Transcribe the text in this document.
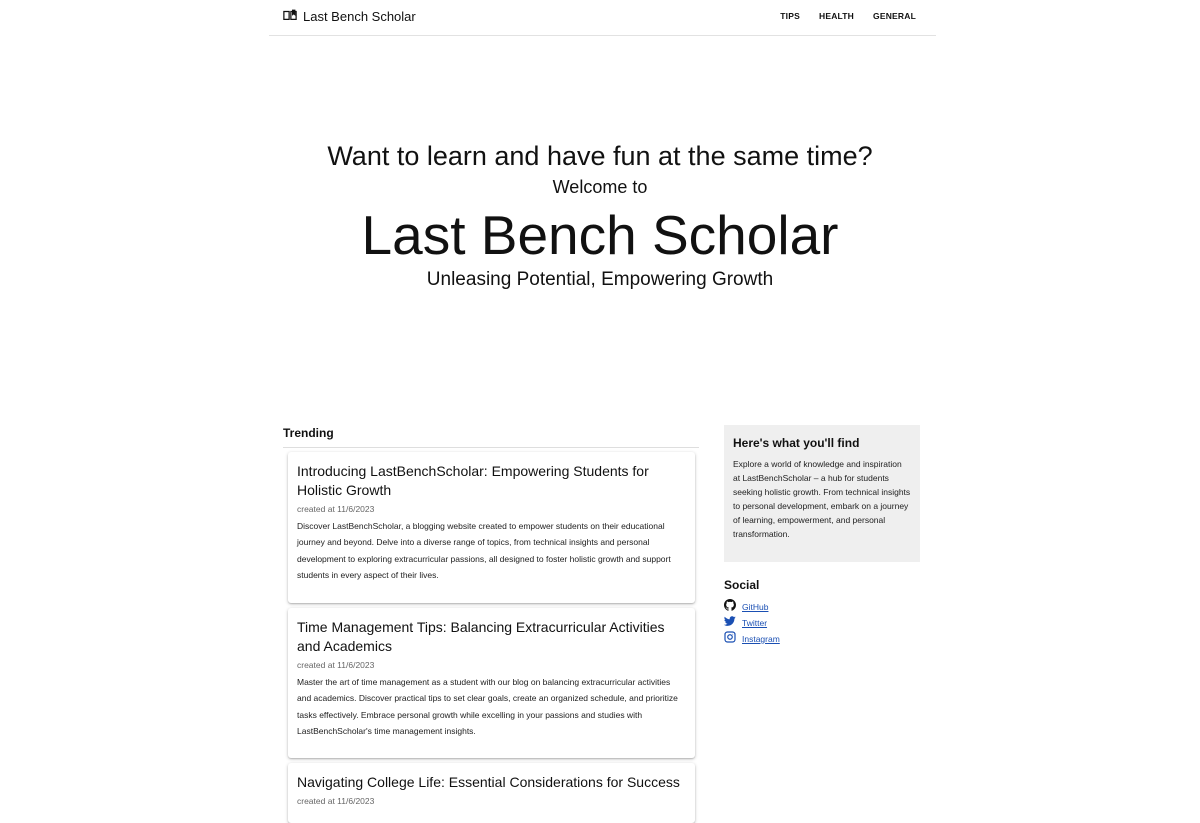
Last Bench Scholar	TIPS HEALTH GENERAL

Want to learn and have fun at the same time?

Welcome to

Last Bench Scholar

Unleasing Potential, Empowering Growth

Trending
Introducing LastBenchScholar: Empowering Students for Holistic Growth
created at 11/6/2023

Discover LastBenchScholar, a blogging website created to empower students on their educational journey and beyond. Delve into a diverse range of topics, from technical insights and personal development to exploring extracurricular passions, all designed to foster holistic growth and support students in every aspect of their lives.

Time Management Tips: Balancing Extracurricular Activities and Academics
created at 11/6/2023

Master the art of time management as a student with our blog on balancing extracurricular activities and academics. Discover practical tips to set clear goals, create an organized schedule, and prioritize tasks effectively. Embrace personal growth while excelling in your passions and studies with LastBenchScholar's time management insights.

Navigating College Life: Essential Considerations for Success
created at 11/6/2023
Here's what you'll find

Explore a world of knowledge and inspiration at LastBenchScholar – a hub for students seeking holistic growth. From technical insights to personal development, embark on a journey of learning, empowerment, and personal transformation.

Social
GitHub
Twitter
Instagram
